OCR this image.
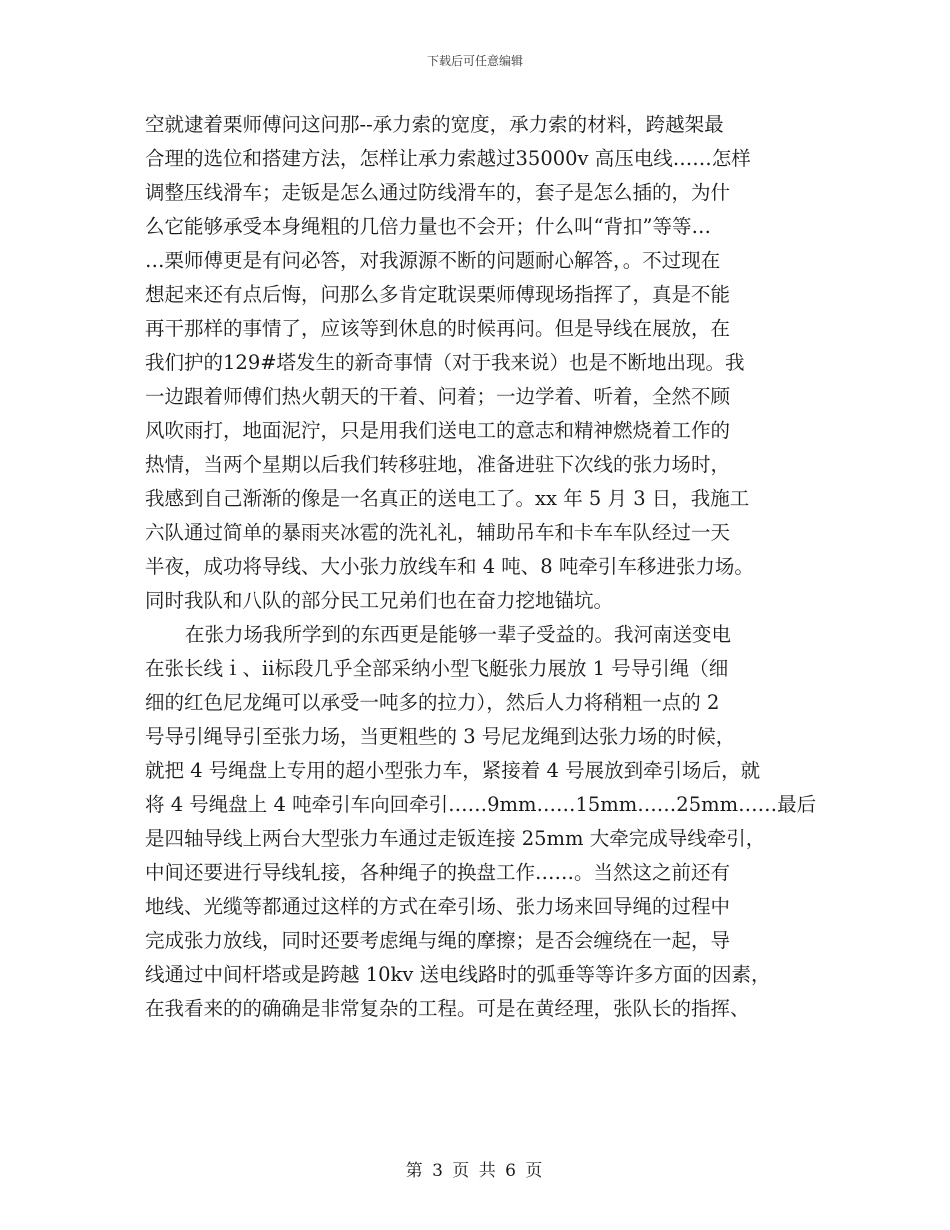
下载后可任意编辑
空就逮着栗师傅问这问那--承力索的宽度，承力索的材料，跨越架最
合理的选位和搭建方法，怎样让承力索越过35000v 高压电线……怎样
调整压线滑车；走钣是怎么通过防线滑车的，套子是怎么插的，为什
么它能够承受本身绳粗的几倍力量也不会开；什么叫“背扣”等等…
…栗师傅更是有问必答，对我源源不断的问题耐心解答，。不过现在
想起来还有点后悔，问那么多肯定耽误栗师傅现场指挥了，真是不能
再干那样的事情了，应该等到休息的时候再问。但是导线在展放，在
我们护的129#塔发生的新奇事情（对于我来说）也是不断地出现。我
一边跟着师傅们热火朝天的干着、问着；一边学着、听着，全然不顾
风吹雨打，地面泥泞，只是用我们送电工的意志和精神燃烧着工作的
热情，当两个星期以后我们转移驻地，准备进驻下次线的张力场时，
我感到自己渐渐的像是一名真正的送电工了。xx 年 5 月 3 日，我施工
六队通过简单的暴雨夹冰雹的洗礼礼，辅助吊车和卡车车队经过一天
半夜，成功将导线、大小张力放线车和 4 吨、8 吨牵引车移进张力场。
同时我队和八队的部分民工兄弟们也在奋力挖地锚坑。
在张力场我所学到的东西更是能够一辈子受益的。我河南送变电
在张长线ｉ、ⅱ标段几乎全部采纳小型飞艇张力展放 1 号导引绳（细
细的红色尼龙绳可以承受一吨多的拉力），然后人力将稍粗一点的 2
号导引绳导引至张力场，当更粗些的 3 号尼龙绳到达张力场的时候，
就把 4 号绳盘上专用的超小型张力车，紧接着 4 号展放到牵引场后，就
将 4 号绳盘上 4 吨牵引车向回牵引……9mm……15mm……25mm……最后
是四轴导线上两台大型张力车通过走钣连接 25mm 大牵完成导线牵引，
中间还要进行导线轧接，各种绳子的换盘工作……。当然这之前还有
地线、光缆等都通过这样的方式在牵引场、张力场来回导绳的过程中
完成张力放线，同时还要考虑绳与绳的摩擦；是否会缠绕在一起，导
线通过中间杆塔或是跨越 10kv 送电线路时的弧垂等等许多方面的因素，
在我看来的的确确是非常复杂的工程。可是在黄经理，张队长的指挥、
第 3 页 共 6 页
